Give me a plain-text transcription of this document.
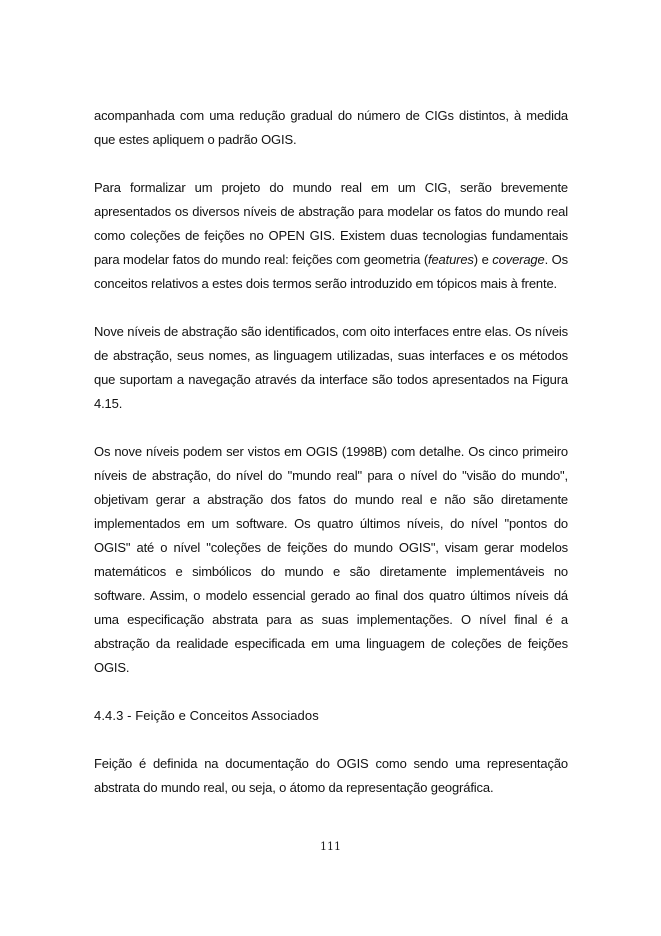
acompanhada com uma redução gradual do número de CIGs distintos, à medida que estes apliquem o padrão OGIS.

Para formalizar um projeto do mundo real em um CIG, serão brevemente apresentados os diversos níveis de abstração para modelar os fatos do mundo real como coleções de feições no OPEN GIS. Existem duas tecnologias fundamentais para modelar fatos do mundo real: feições com geometria (features) e coverage. Os conceitos relativos a estes dois termos serão introduzido em tópicos mais à frente.

Nove níveis de abstração são identificados, com oito interfaces entre elas. Os níveis de abstração, seus nomes, as linguagem utilizadas, suas interfaces e os métodos que suportam a navegação através da interface são todos apresentados na Figura 4.15.

Os nove níveis podem ser vistos em OGIS (1998B) com detalhe. Os cinco primeiro níveis de abstração, do nível do "mundo real" para o nível do "visão do mundo", objetivam gerar a abstração dos fatos do mundo real e não são diretamente implementados em um software. Os quatro últimos níveis, do nível "pontos do OGIS" até o nível "coleções de feições do mundo OGIS", visam gerar modelos matemáticos e simbólicos do mundo e são diretamente implementáveis no software. Assim, o modelo essencial gerado ao final dos quatro últimos níveis dá uma especificação abstrata para as suas implementações. O nível final é a abstração da realidade especificada em uma linguagem de coleções de feições OGIS.

4.4.3 - Feição e Conceitos Associados

Feição é definida na documentação do OGIS como sendo uma representação abstrata do mundo real, ou seja, o átomo da representação geográfica.

111
